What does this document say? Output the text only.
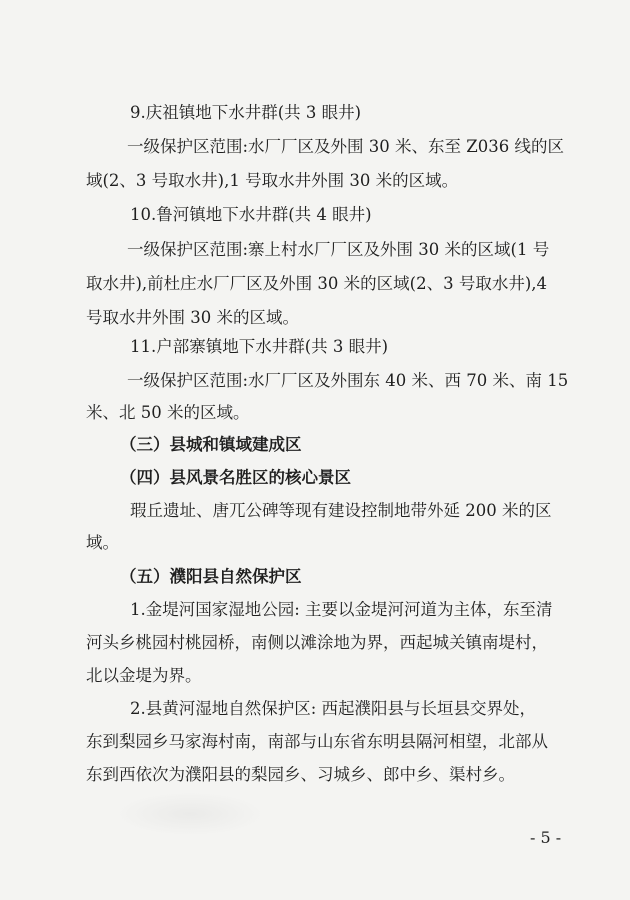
9.庆祖镇地下水井群(共 3 眼井)
一级保护区范围:水厂厂区及外围 30 米、东至 Z036 线的区
域(2、3 号取水井),1 号取水井外围 30 米的区域。
10.鲁河镇地下水井群(共 4 眼井)
一级保护区范围:寨上村水厂厂区及外围 30 米的区域(1 号
取水井),前杜庄水厂厂区及外围 30 米的区域(2、3 号取水井),4
号取水井外围 30 米的区域。
11.户部寨镇地下水井群(共 3 眼井)
一级保护区范围:水厂厂区及外围东 40 米、西 70 米、南 15
米、北 50 米的区域。
（三）县城和镇域建成区
（四）县风景名胜区的核心景区
瑕丘遗址、唐兀公碑等现有建设控制地带外延 200 米的区
域。
（五）濮阳县自然保护区
1.金堤河国家湿地公园: 主要以金堤河河道为主体，东至清
河头乡桃园村桃园桥，南侧以滩涂地为界，西起城关镇南堤村，
北以金堤为界。
2.县黄河湿地自然保护区: 西起濮阳县与长垣县交界处，
东到梨园乡马家海村南，南部与山东省东明县隔河相望，北部从
东到西依次为濮阳县的梨园乡、习城乡、郎中乡、渠村乡。
- 5 -
